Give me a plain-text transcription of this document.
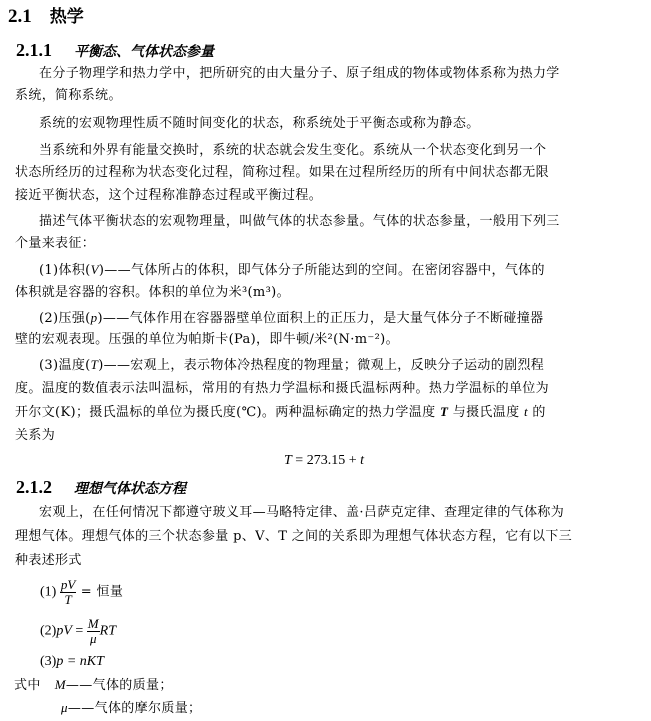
2.1 热学
2.1.1 平衡态、气体状态参量
在分子物理学和热力学中，把所研究的由大量分子、原子组成的物体或物体系称为热力学
系统，简称系统。
系统的宏观物理性质不随时间变化的状态，称系统处于平衡态或称为静态。
当系统和外界有能量交换时，系统的状态就会发生变化。系统从一个状态变化到另一个
状态所经历的过程称为状态变化过程，简称过程。如果在过程所经历的所有中间状态都无限
接近平衡状态，这个过程称准静态过程或平衡过程。
描述气体平衡状态的宏观物理量，叫做气体的状态参量。气体的状态参量，一般用下列三
个量来表征：
(1)体积(V)——气体所占的体积，即气体分子所能达到的空间。在密闭容器中，气体的
体积就是容器的容积。体积的单位为米³(m³)。
(2)压强(p)——气体作用在容器器壁单位面积上的正压力，是大量气体分子不断碰撞器
壁的宏观表现。压强的单位为帕斯卡(Pa)，即牛顿/米²(N·m⁻²)。
(3)温度(T)——宏观上，表示物体冷热程度的物理量；微观上，反映分子运动的剧烈程
度。温度的数值表示法叫温标，常用的有热力学温标和摄氏温标两种。热力学温标的单位为
开尔文(K)；摄氏温标的单位为摄氏度(℃)。两种温标确定的热力学温度 T 与摄氏温度 t 的
关系为
T = 273.15 + t
2.1.2 理想气体状态方程
宏观上，在任何情况下都遵守玻义耳—马略特定律、盖·吕萨克定律、查理定律的气体称为
理想气体。理想气体的三个状态参量 p、V、T 之间的关系即为理想气体状态方程，它有以下三
种表述形式
$(1) \frac{pV}{T}$ = 恒量
$(2)pV = \frac{M}{\mu}$ RT
(3)p = nKT
式中 M——气体的质量；
μ——气体的摩尔质量；
